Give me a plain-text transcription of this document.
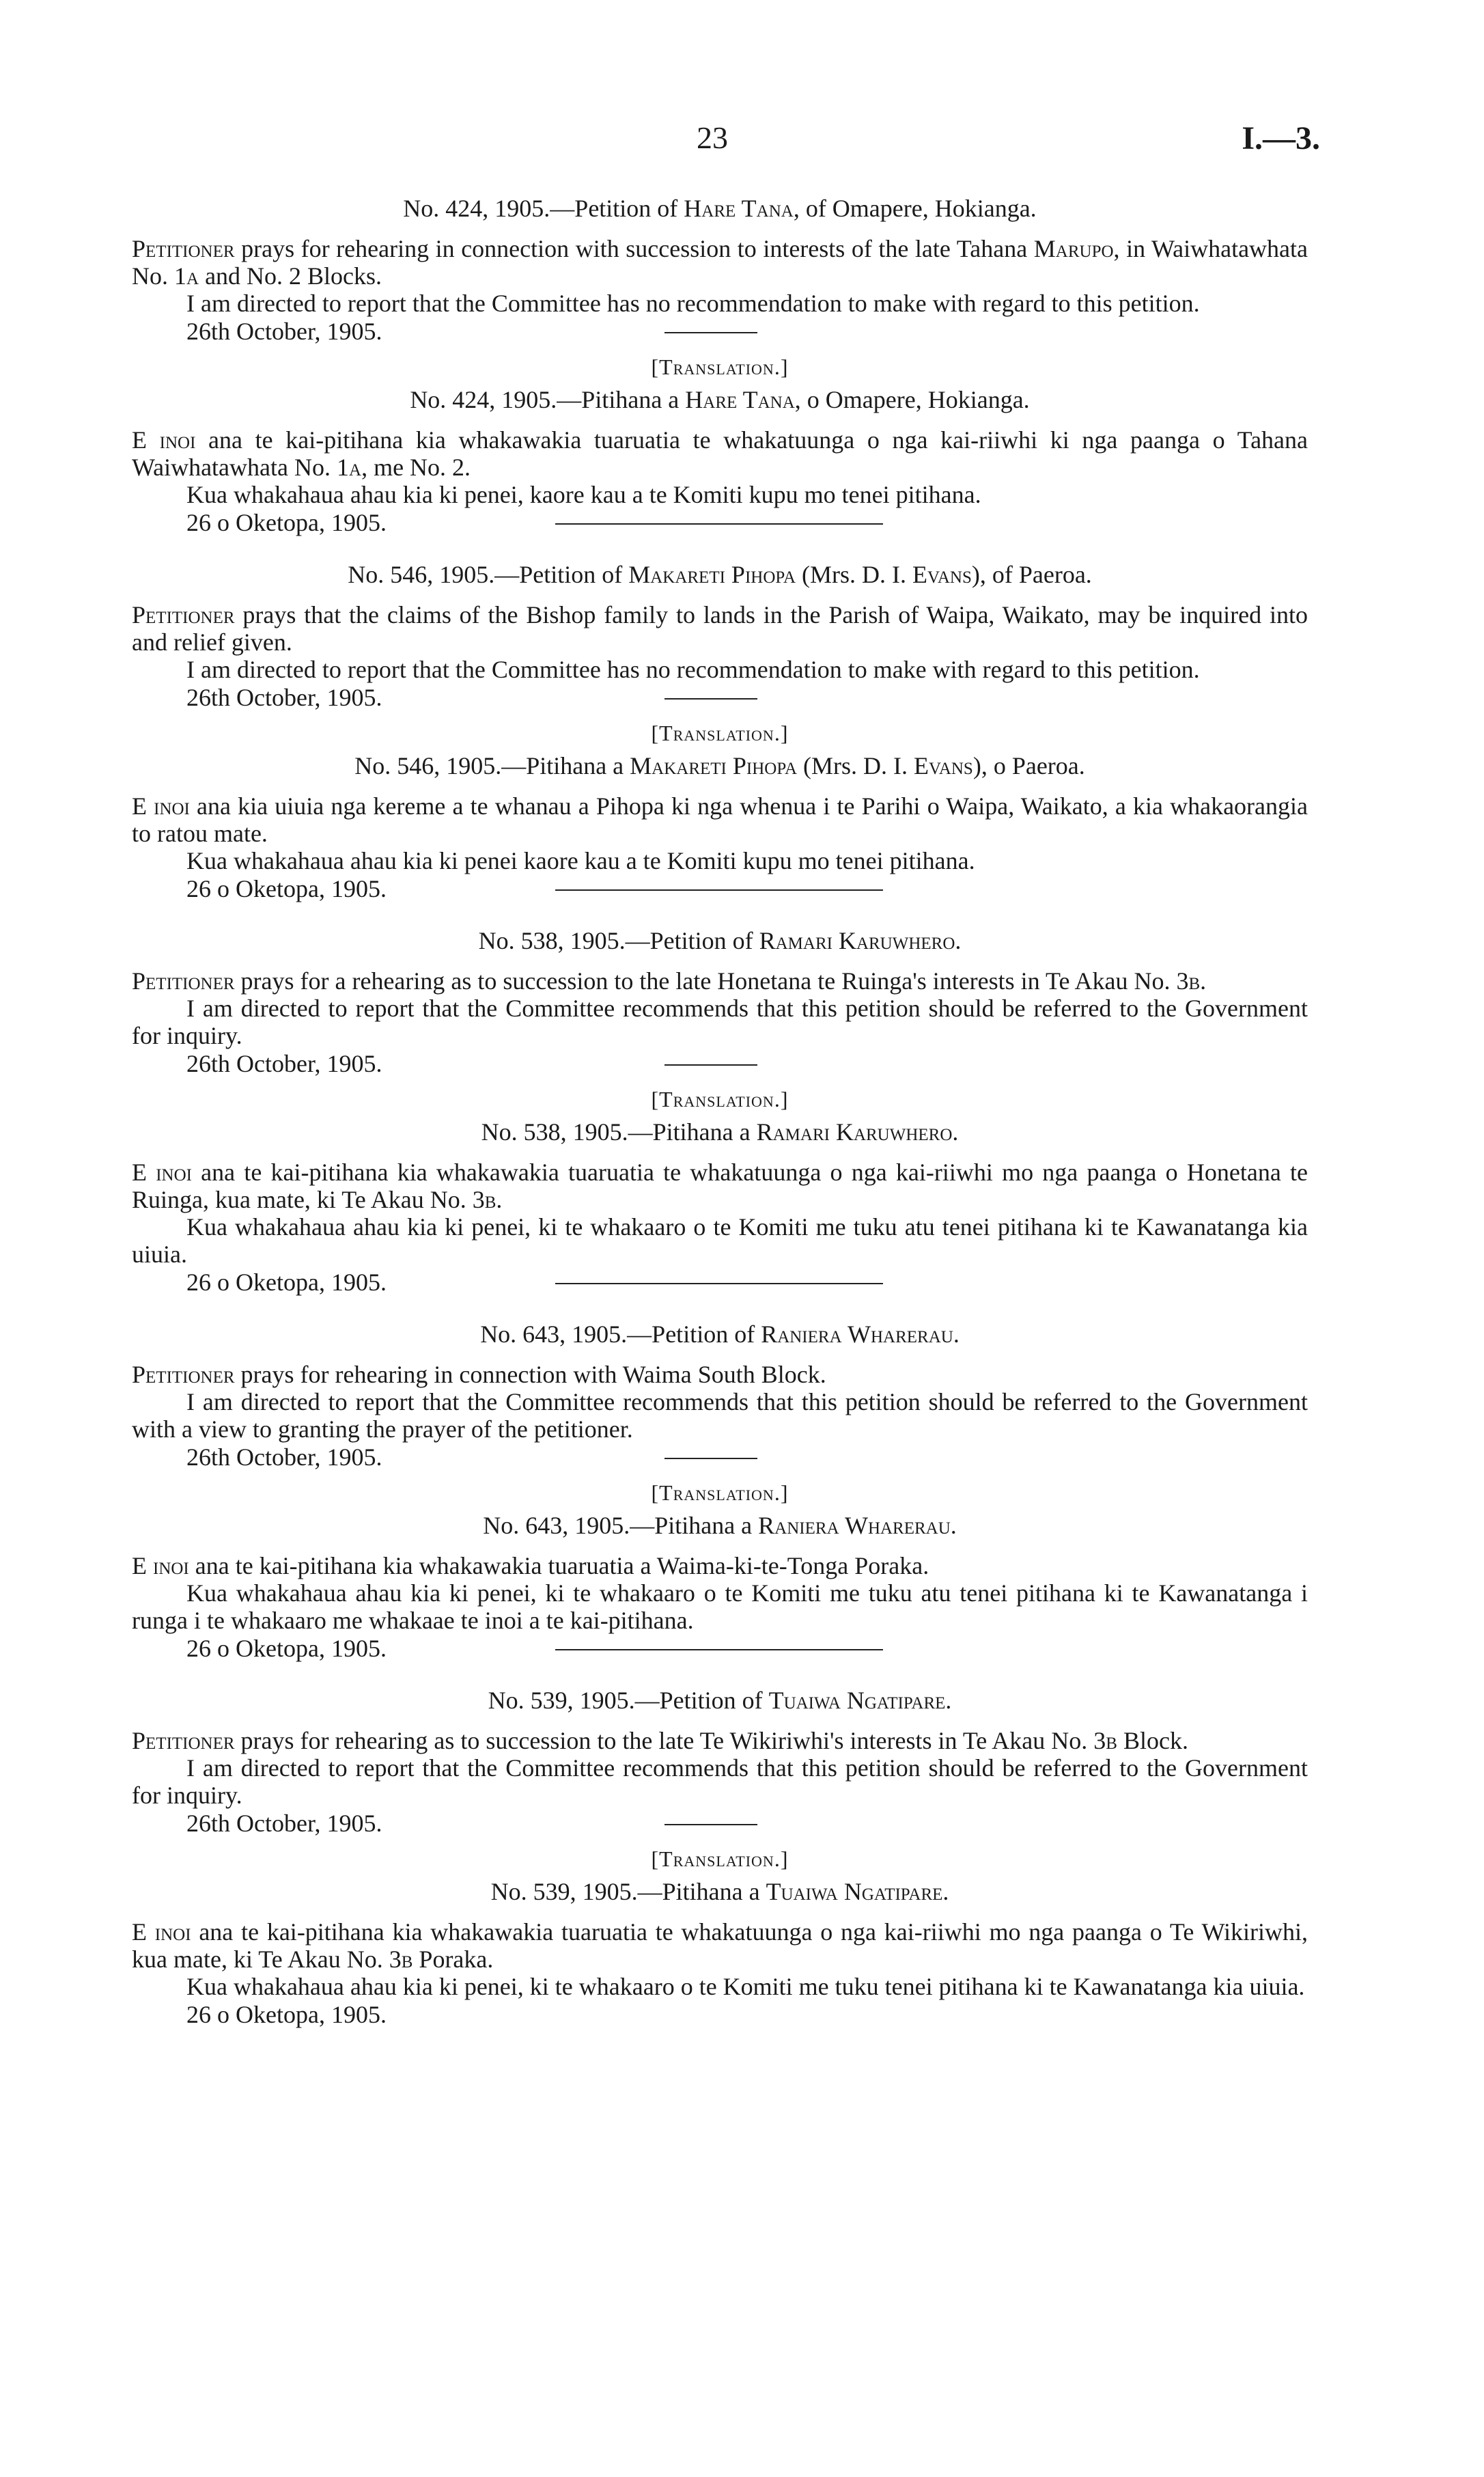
23	I.—3.

No. 424, 1905.—Petition of Hare Tana, of Omapere, Hokianga.

Petitioner prays for rehearing in connection with succession to interests of the late Tahana Marupo, in Waiwhatawhata No. 1a and No. 2 Blocks.

I am directed to report that the Committee has no recommendation to make with regard to this petition.

26th October, 1905.

[Translation.]

No. 424, 1905.—Pitihana a Hare Tana, o Omapere, Hokianga.

E inoi ana te kai-pitihana kia whakawakia tuaruatia te whakatuunga o nga kai-riiwhi ki nga paanga o Tahana Waiwhatawhata No. 1a, me No. 2.

Kua whakahaua ahau kia ki penei, kaore kau a te Komiti kupu mo tenei pitihana.

26 o Oketopa, 1905.

No. 546, 1905.—Petition of Makareti Pihopa (Mrs. D. I. Evans), of Paeroa.

Petitioner prays that the claims of the Bishop family to lands in the Parish of Waipa, Waikato, may be inquired into and relief given.

I am directed to report that the Committee has no recommendation to make with regard to this petition.

26th October, 1905.

[Translation.]

No. 546, 1905.—Pitihana a Makareti Pihopa (Mrs. D. I. Evans), o Paeroa.

E inoi ana kia uiuia nga kereme a te whanau a Pihopa ki nga whenua i te Parihi o Waipa, Waikato, a kia whakaorangia to ratou mate.

Kua whakahaua ahau kia ki penei kaore kau a te Komiti kupu mo tenei pitihana.

26 o Oketopa, 1905.

No. 538, 1905.—Petition of Ramari Karuwhero.

Petitioner prays for a rehearing as to succession to the late Honetana te Ruinga's interests in Te Akau No. 3b.

I am directed to report that the Committee recommends that this petition should be referred to the Government for inquiry.

26th October, 1905.

[Translation.]

No. 538, 1905.—Pitihana a Ramari Karuwhero.

E inoi ana te kai-pitihana kia whakawakia tuaruatia te whakatuunga o nga kai-riiwhi mo nga paanga o Honetana te Ruinga, kua mate, ki Te Akau No. 3b.

Kua whakahaua ahau kia ki penei, ki te whakaaro o te Komiti me tuku atu tenei pitihana ki te Kawanatanga kia uiuia.

26 o Oketopa, 1905.

No. 643, 1905.—Petition of Raniera Wharerau.

Petitioner prays for rehearing in connection with Waima South Block.

I am directed to report that the Committee recommends that this petition should be referred to the Government with a view to granting the prayer of the petitioner.

26th October, 1905.

[Translation.]

No. 643, 1905.—Pitihana a Raniera Wharerau.

E inoi ana te kai-pitihana kia whakawakia tuaruatia a Waima-ki-te-Tonga Poraka.

Kua whakahaua ahau kia ki penei, ki te whakaaro o te Komiti me tuku atu tenei pitihana ki te Kawanatanga i runga i te whakaaro me whakaae te inoi a te kai-pitihana.

26 o Oketopa, 1905.

No. 539, 1905.—Petition of Tuaiwa Ngatipare.

Petitioner prays for rehearing as to succession to the late Te Wikiriwhi's interests in Te Akau No. 3b Block.

I am directed to report that the Committee recommends that this petition should be referred to the Government for inquiry.

26th October, 1905.

[Translation.]

No. 539, 1905.—Pitihana a Tuaiwa Ngatipare.

E inoi ana te kai-pitihana kia whakawakia tuaruatia te whakatuunga o nga kai-riiwhi mo nga paanga o Te Wikiriwhi, kua mate, ki Te Akau No. 3b Poraka.

Kua whakahaua ahau kia ki penei, ki te whakaaro o te Komiti me tuku tenei pitihana ki te Kawanatanga kia uiuia.

26 o Oketopa, 1905.
